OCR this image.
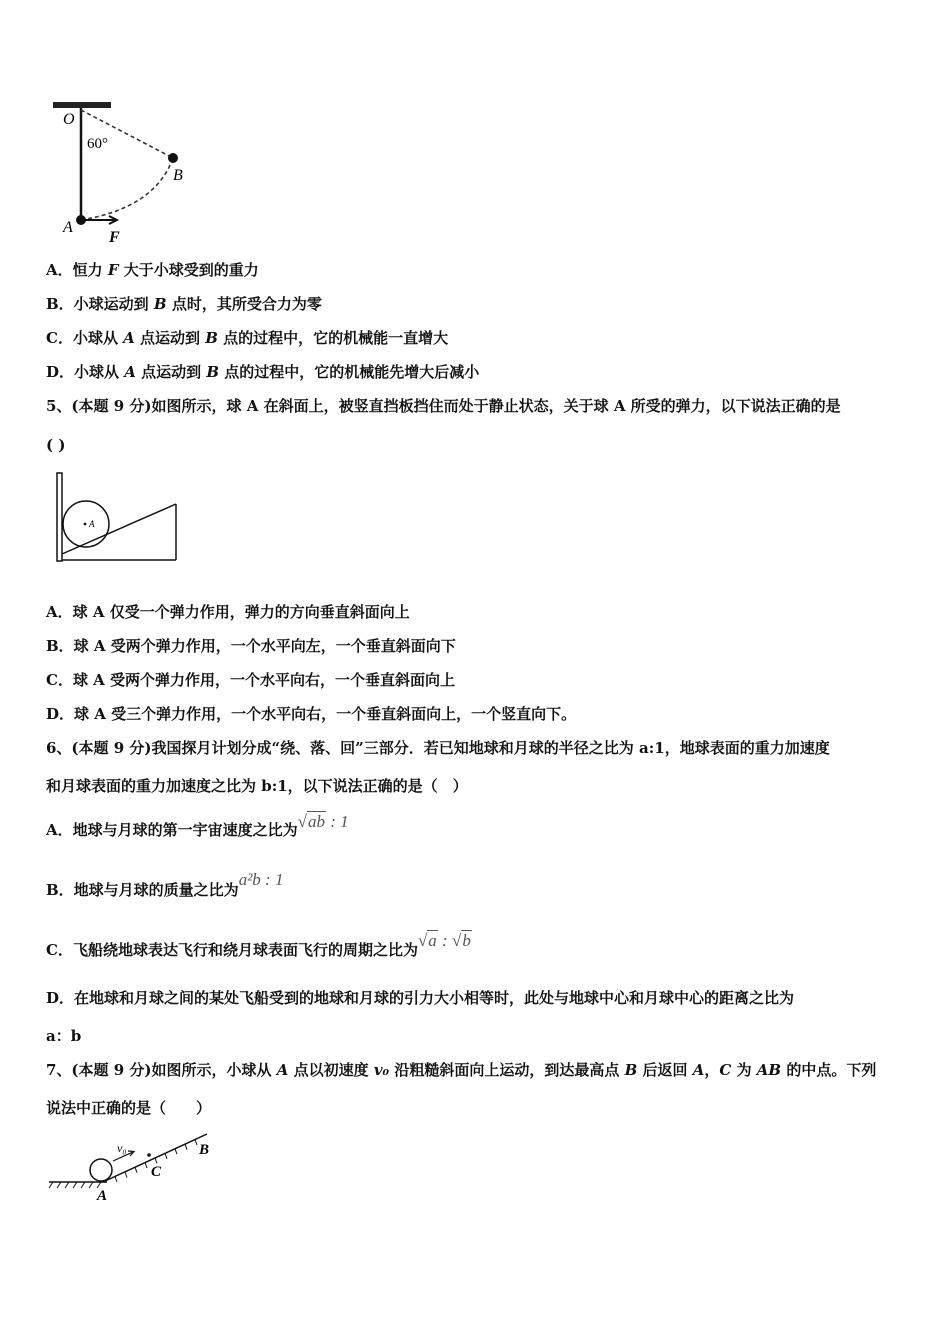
O
60°
B
A
F
A．恒力 F 大于小球受到的重力
B．小球运动到 B 点时，其所受合力为零
C．小球从 A 点运动到 B 点的过程中，它的机械能一直增大
D．小球从 A 点运动到 B 点的过程中，它的机械能先增大后减小
5、(本题 9 分)如图所示，球 A 在斜面上，被竖直挡板挡住而处于静止状态，关于球 A 所受的弹力，以下说法正确的是
( )
A
A．球 A 仅受一个弹力作用，弹力的方向垂直斜面向上
B．球 A 受两个弹力作用，一个水平向左，一个垂直斜面向下
C．球 A 受两个弹力作用，一个水平向右，一个垂直斜面向上
D．球 A 受三个弹力作用，一个水平向右，一个垂直斜面向上，一个竖直向下。
6、(本题 9 分)我国探月计划分成“绕、落、回”三部分．若已知地球和月球的半径之比为 a:1，地球表面的重力加速度
和月球表面的重力加速度之比为 b:1，以下说法正确的是（　）
A．地球与月球的第一宇宙速度之比为√ab : 1
B．地球与月球的质量之比为a²b : 1
C．飞船绕地球表达飞行和绕月球表面飞行的周期之比为√a : √b
D．在地球和月球之间的某处飞船受到的地球和月球的引力大小相等时，此处与地球中心和月球中心的距离之比为
a：b
7、(本题 9 分)如图所示，小球从 A 点以初速度 v₀ 沿粗糙斜面向上运动，到达最高点 B 后返回 A，C 为 AB 的中点。下列
说法中正确的是（　　）
v₀
C
B
A
